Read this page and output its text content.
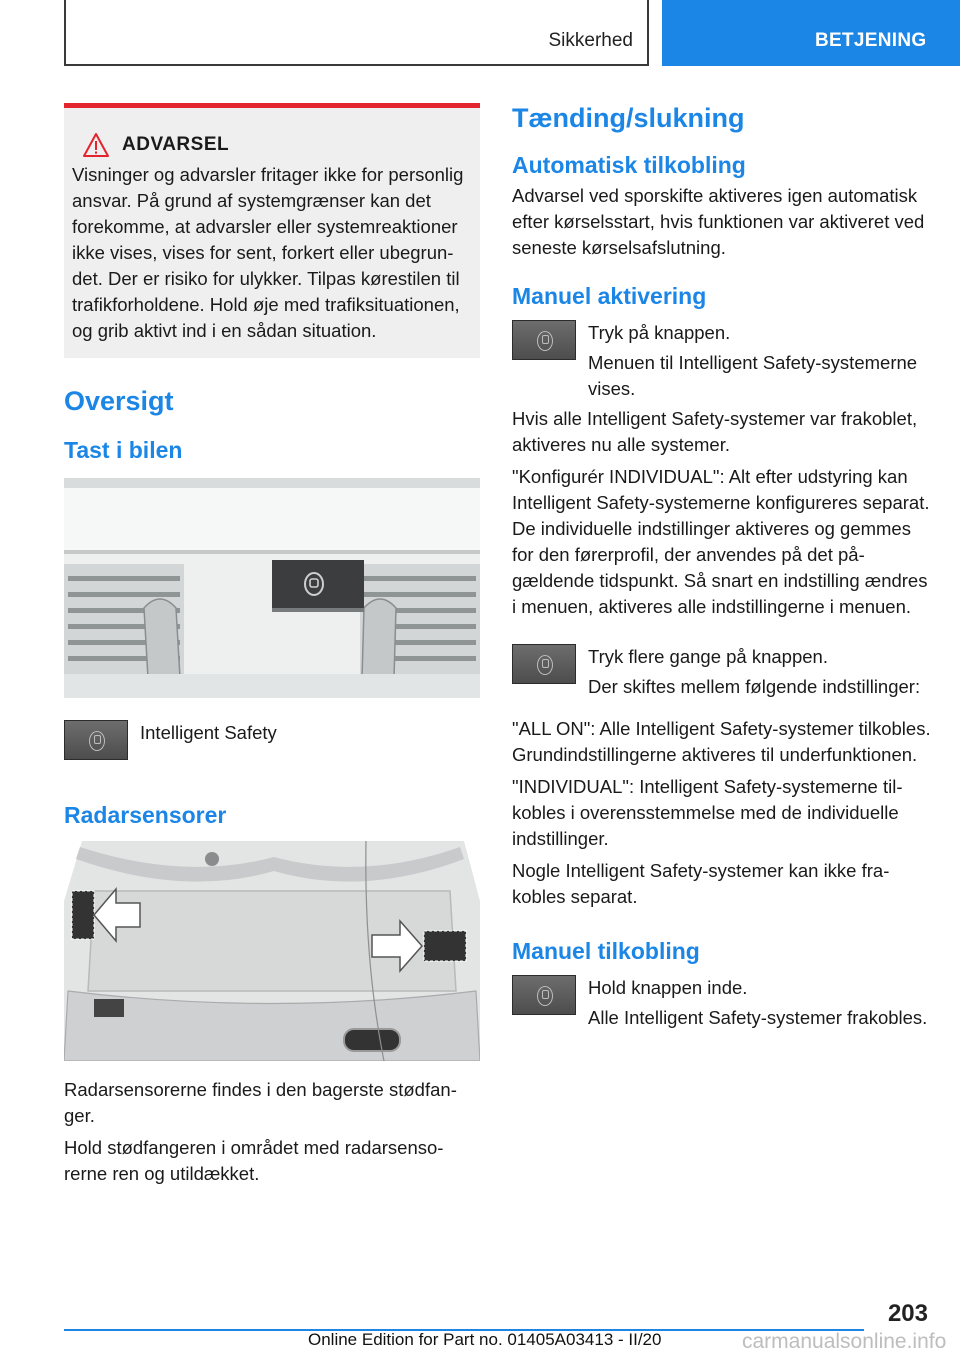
Sikkerhed	BETJENING
ADVARSEL

Visninger og advarsler fritager ikke for personlig ansvar. På grund af systemgrænser kan det forekomme, at advarsler eller systemreaktioner ikke vises, vises for sent, forkert eller ubegrundet. Der er risiko for ulykker. Tilpas kørestilen til trafikforholdene. Hold øje med trafiksituationen, og grib aktivt ind i en sådan situation.

Oversigt
Tast i bilen

Intelligent Safety

Radarsensorer

Radarsensorerne findes i den bagerste stødfanger.

Hold stødfangeren i området med radarsensorerne ren og utildækket.

Tænding/slukning
Automatisk tilkobling

Advarsel ved sporskifte aktiveres igen automatisk efter kørselsstart, hvis funktionen var aktiveret ved seneste kørselsafslutning.

Manuel aktivering

Tryk på knappen.

Menuen til Intelligent Safety-systemerne vises.

Hvis alle Intelligent Safety-systemer var frakoblet, aktiveres nu alle systemer.

"Konfigurér INDIVIDUAL": Alt efter udstyring kan Intelligent Safety-systemerne konfigureres separat. De individuelle indstillinger aktiveres og gemmes for den førerprofil, der anvendes på det pågældende tidspunkt. Så snart en indstilling ændres i menuen, aktiveres alle indstillingerne i menuen.

Tryk flere gange på knappen.

Der skiftes mellem følgende indstillinger:

"ALL ON": Alle Intelligent Safety-systemer tilkobles. Grundindstillingerne aktiveres til underfunktionen.

"INDIVIDUAL": Intelligent Safety-systemerne tilkobles i overensstemmelse med de individuelle indstillinger.

Nogle Intelligent Safety-systemer kan ikke frakobles separat.

Manuel tilkobling

Hold knappen inde.

Alle Intelligent Safety-systemer frakobles.

203
Online Edition for Part no. 01405A03413 - II/20	carmanualsonline.info
